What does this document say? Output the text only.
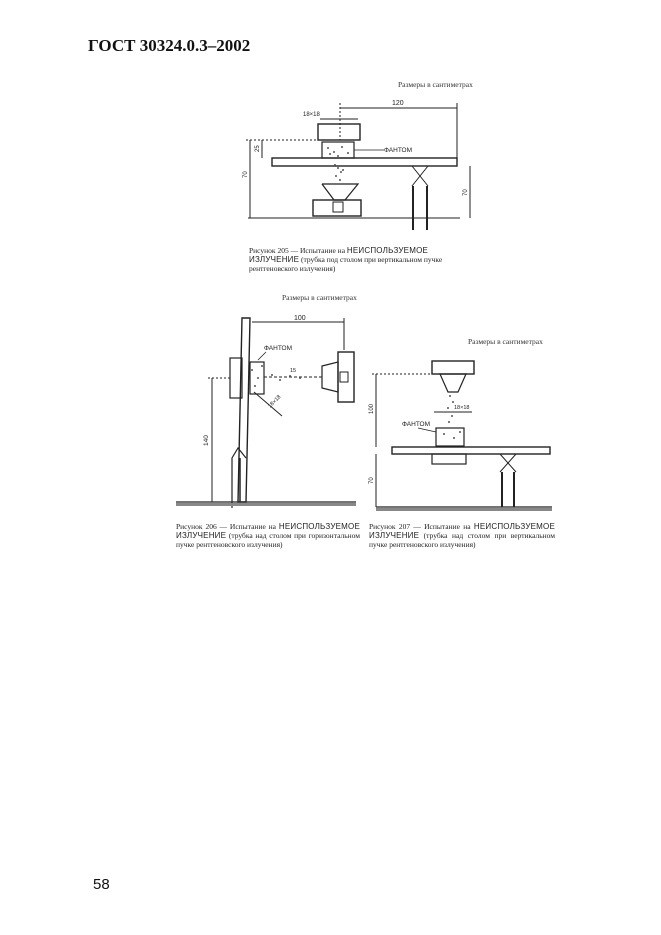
ГОСТ 30324.0.3–2002
Размеры в сантиметрах
120
18×18
25
70
70
ФАНТОМ
Рисунок 205 — Испытание на НЕИСПОЛЬЗУЕМОЕ ИЗЛУЧЕНИЕ (трубка под столом при вертикальном пучке рентгеновского излучения)
Размеры в сантиметрах
100
ФАНТОМ
15
18×18
140
Рисунок 206 — Испытание на НЕИСПОЛЬЗУЕМОЕ ИЗЛУЧЕНИЕ (трубка над столом при горизонтальном пучке рентгеновского излучения)
Размеры в сантиметрах
18×18
100
70
ФАНТОМ
Рисунок 207 — Испытание на НЕИСПОЛЬЗУЕМОЕ ИЗЛУЧЕНИЕ (трубка над столом при вертикальном пучке рентгеновского излучения)
58
